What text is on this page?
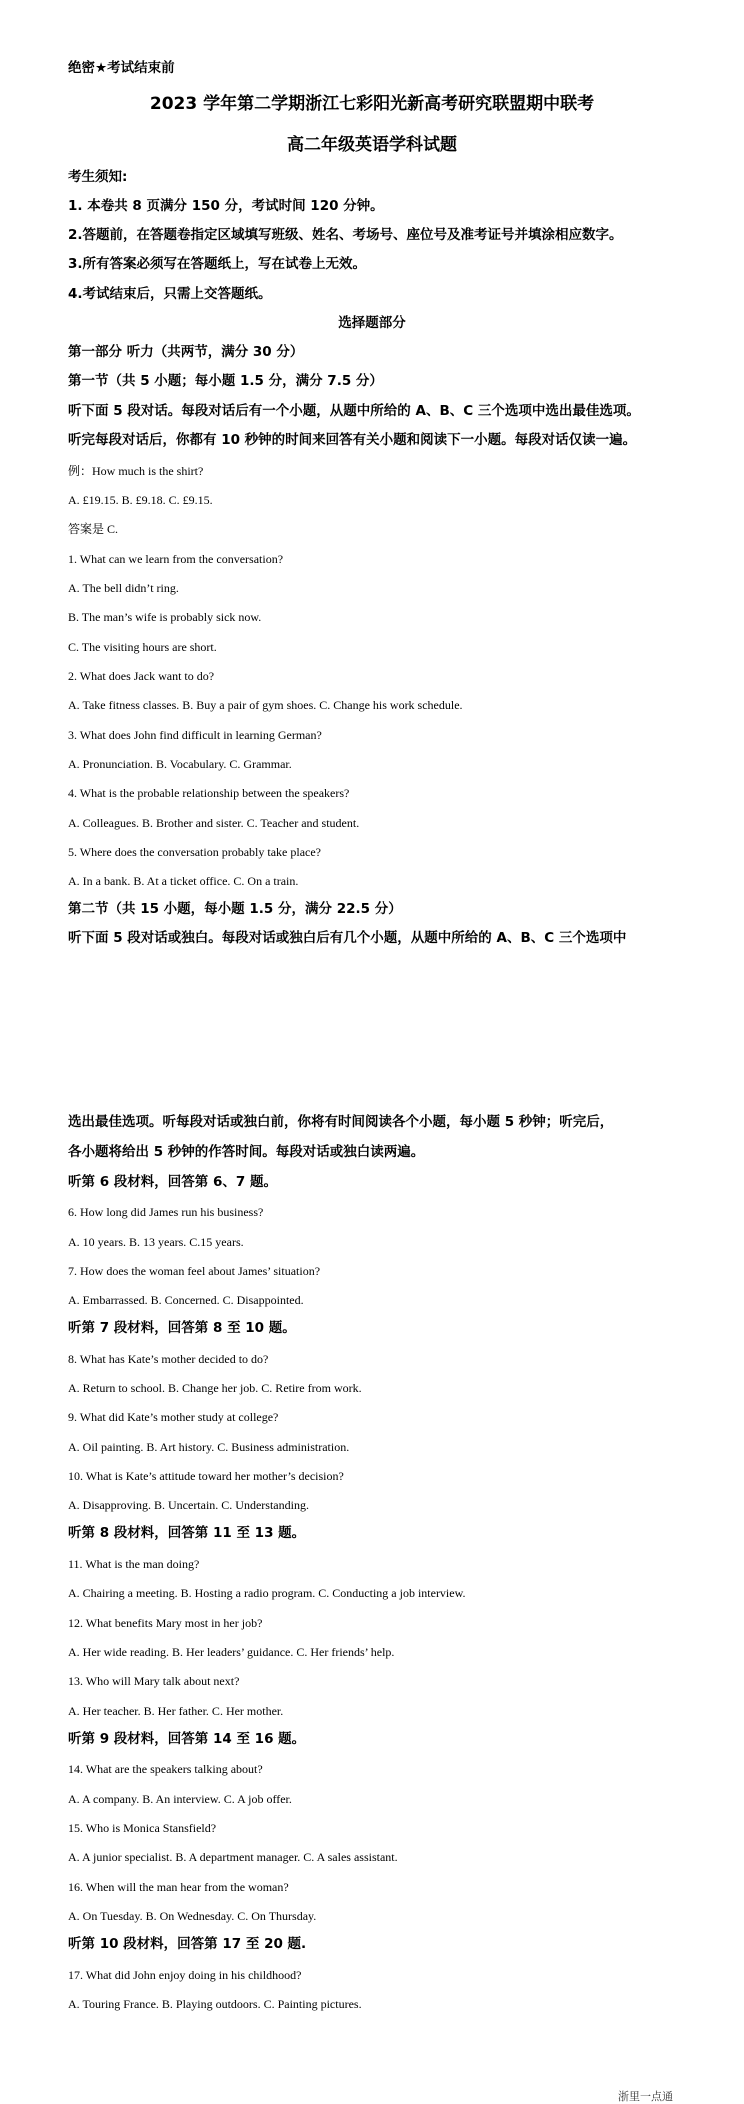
绝密★考试结束前
2023 学年第二学期浙江七彩阳光新高考研究联盟期中联考
高二年级英语学科试题
考生须知:
1. 本卷共 8 页满分 150 分，考试时间 120 分钟。
2.答题前，在答题卷指定区域填写班级、姓名、考场号、座位号及准考证号并填涂相应数字。
3.所有答案必须写在答题纸上，写在试卷上无效。
4.考试结束后，只需上交答题纸。
选择题部分
第一部分 听力（共两节，满分 30 分）
第一节（共 5 小题；每小题 1.5 分，满分 7.5 分）
听下面 5 段对话。每段对话后有一个小题，从题中所给的 A、B、C 三个选项中选出最佳选项。
听完每段对话后，你都有 10 秒钟的时间来回答有关小题和阅读下一小题。每段对话仅读一遍。
例：How much is the shirt?
A. £19.15. B. £9.18. C. £9.15.
答案是 C.
1. What can we learn from the conversation?
A. The bell didn’t ring.
B. The man’s wife is probably sick now.
C. The visiting hours are short.
2. What does Jack want to do?
A. Take fitness classes. B. Buy a pair of gym shoes. C. Change his work schedule.
3. What does John find difficult in learning German?
A. Pronunciation. B. Vocabulary. C. Grammar.
4. What is the probable relationship between the speakers?
A. Colleagues. B. Brother and sister. C. Teacher and student.
5. Where does the conversation probably take place?
A. In a bank. B. At a ticket office. C. On a train.
第二节（共 15 小题，每小题 1.5 分，满分 22.5 分）
听下面 5 段对话或独白。每段对话或独白后有几个小题，从题中所给的 A、B、C 三个选项中
选出最佳选项。听每段对话或独白前，你将有时间阅读各个小题，每小题 5 秒钟；听完后，
各小题将给出 5 秒钟的作答时间。每段对话或独白读两遍。
听第 6 段材料，回答第 6、7 题。
6. How long did James run his business?
A. 10 years. B. 13 years. C.15 years.
7. How does the woman feel about James’ situation?
A. Embarrassed. B. Concerned. C. Disappointed.
听第 7 段材料，回答第 8 至 10 题。
8. What has Kate’s mother decided to do?
A. Return to school. B. Change her job. C. Retire from work.
9. What did Kate’s mother study at college?
A. Oil painting. B. Art history. C. Business administration.
10. What is Kate’s attitude toward her mother’s decision?
A. Disapproving. B. Uncertain. C. Understanding.
听第 8 段材料，回答第 11 至 13 题。
11. What is the man doing?
A. Chairing a meeting. B. Hosting a radio program. C. Conducting a job interview.
12. What benefits Mary most in her job?
A. Her wide reading. B. Her leaders’ guidance. C. Her friends’ help.
13. Who will Mary talk about next?
A. Her teacher. B. Her father. C. Her mother.
听第 9 段材料，回答第 14 至 16 题。
14. What are the speakers talking about?
A. A company. B. An interview. C. A job offer.
15. Who is Monica Stansfield?
A. A junior specialist. B. A department manager. C. A sales assistant.
16. When will the man hear from the woman?
A. On Tuesday. B. On Wednesday. C. On Thursday.
听第 10 段材料，回答第 17 至 20 题.
17. What did John enjoy doing in his childhood?
A. Touring France. B. Playing outdoors. C. Painting pictures.
浙里一点通
